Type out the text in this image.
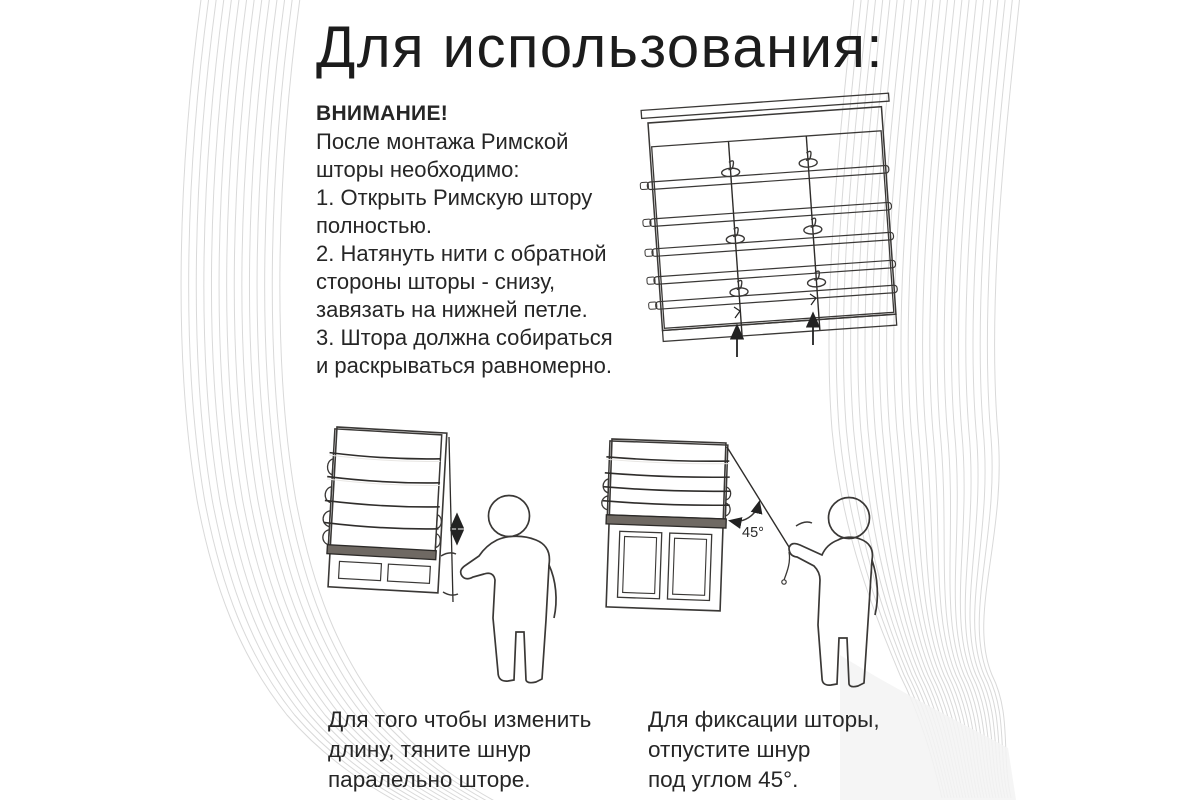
45°
Для использования:
ВНИМАНИЕ!
После монтажа Римской
шторы необходимо:
1. Открыть Римскую штору
полностью.
2. Натянуть нити с обратной
стороны шторы - снизу,
завязать на нижней петле.
3. Штора должна собираться
и раскрываться равномерно.
Для того чтобы изменить
длину, тяните шнур
паралельно шторе.
Для фиксации шторы,
отпустите шнур
под углом 45°.
